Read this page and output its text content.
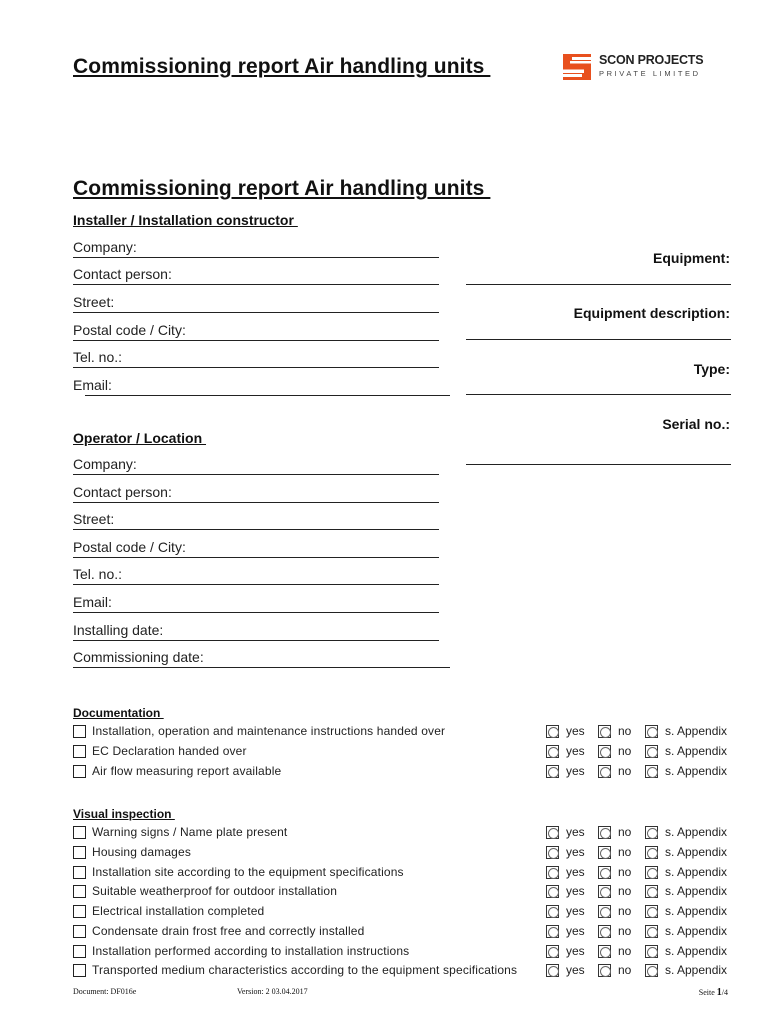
Commissioning report Air handling units	SCON PROJECTS
PRIVATE LIMITED
Commissioning report Air handling units
Installer / Installation constructor
Company:
Contact person:
Street:
Postal code / City:
Tel. no.:
Email:
Equipment:
Equipment description:
Type:
Serial no.:
Operator / Location
Company:
Contact person:
Street:
Postal code / City:
Tel. no.:
Email:
Installing date:
Commissioning date:
Documentation
Installation, operation and maintenance instructions handed over	yes	no	s. Appendix
EC Declaration handed over	yes	no	s. Appendix
Air flow measuring report available	yes	no	s. Appendix
Visual inspection
Warning signs / Name plate present	yes	no	s. Appendix
Housing damages	yes	no	s. Appendix
Installation site according to the equipment specifications	yes	no	s. Appendix
Suitable weatherproof for outdoor installation	yes	no	s. Appendix
Electrical installation completed	yes	no	s. Appendix
Condensate drain frost free and correctly installed	yes	no	s. Appendix
Installation performed according to installation instructions	yes	no	s. Appendix
Transported medium characteristics according to the equipment specifications	yes	no	s. Appendix
Document: DF016e	Version: 2 03.04.2017	Seite 1/4
